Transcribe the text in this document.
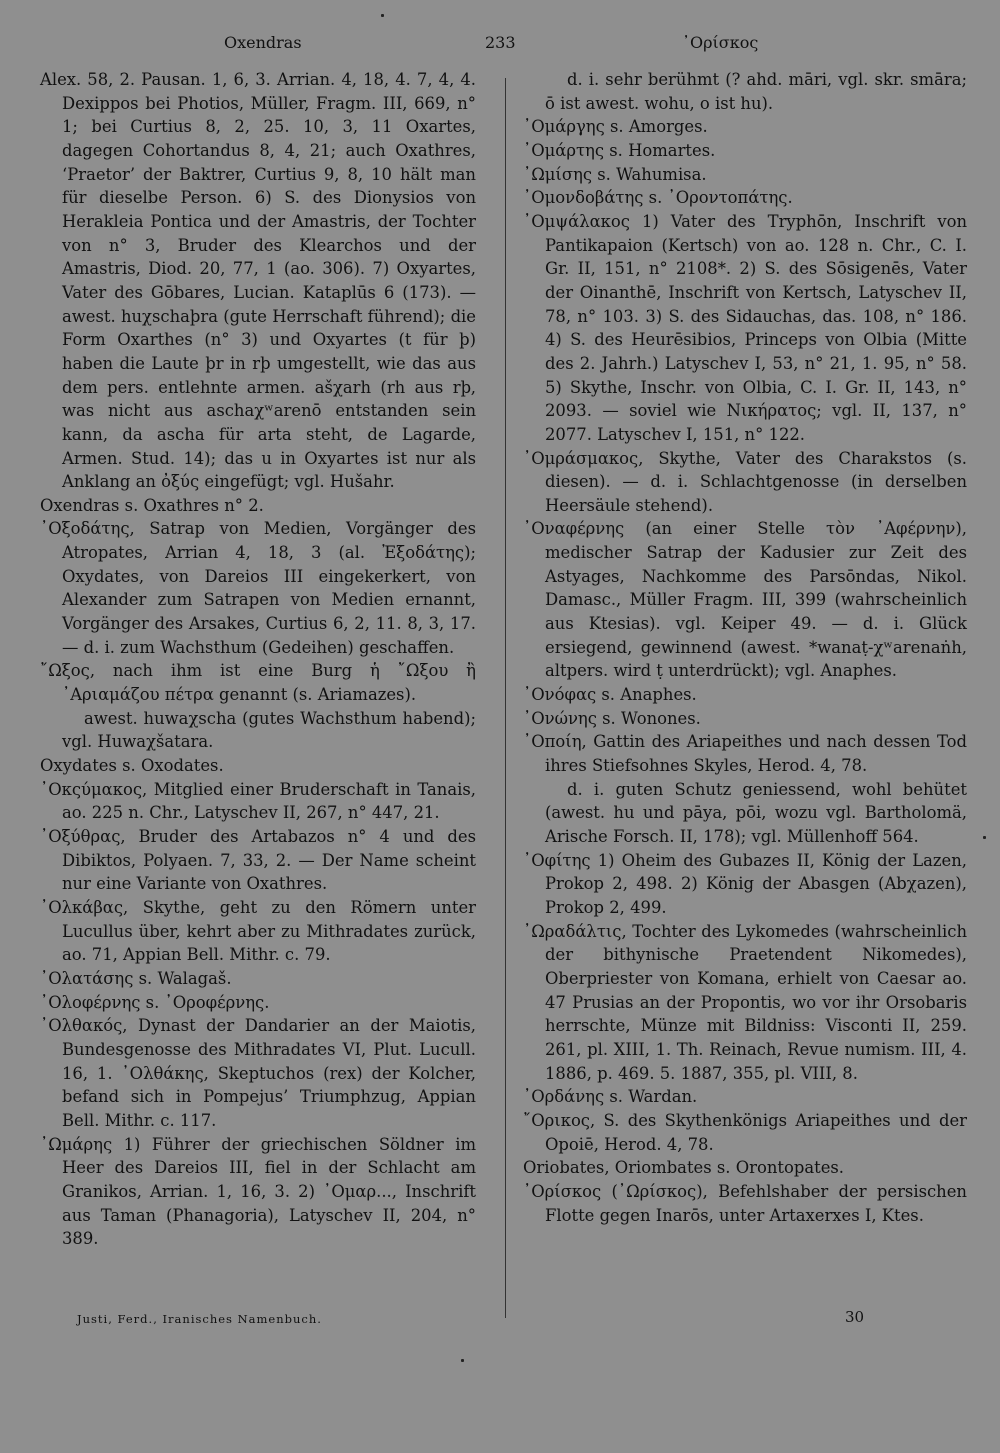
Oxendras	233	᾿Ορίσκος

Alex. 58, 2. Pausan. 1, 6, 3. Arrian. 4, 18, 4. 7, 4, 4. Dexippos bei Photios, Müller, Fragm. III, 669, n° 1; bei Curtius 8, 2, 25. 10, 3, 11 Oxartes, dagegen Cohortandus 8, 4, 21; auch Oxathres, ‘Praetor’ der Baktrer, Curtius 9, 8, 10 hält man für dieselbe Person. 6) S. des Dionysios von Herakleia Pontica und der Amastris, der Tochter von n° 3, Bruder des Klearchos und der Amastris, Diod. 20, 77, 1 (ao. 306). 7) Oxyartes, Vater des Gōbares, Lucian. Kataplūs 6 (173). — awest. huχschaþra (gute Herrschaft führend); die Form Oxarthes (n° 3) und Oxyartes (t für þ) haben die Laute þr in rþ umgestellt, wie das aus dem pers. entlehnte armen. ašχarh (rh aus rþ, was nicht aus aschaχʷarenō entstanden sein kann, da ascha für arta steht, de Lagarde, Armen. Stud. 14); das u in Oxyartes ist nur als Anklang an ὀξύς eingefügt; vgl. Hušahr.

Oxendras s. Oxathres n° 2.

᾿Οξοδάτης, Satrap von Medien, Vorgänger des Atropates, Arrian 4, 18, 3 (al. Ἐξοδάτης); Oxydates, von Dareios III eingekerkert, von Alexander zum Satrapen von Medien ernannt, Vorgänger des Arsakes, Curtius 6, 2, 11. 8, 3, 17. — d. i. zum Wachsthum (Gedeihen) geschaffen.

῎Ωξος, nach ihm ist eine Burg ἡ ῎Ωξου ἢ ᾿Αριαμάζου πέτρα genannt (s. Ariamazes).

awest. huwaχscha (gutes Wachsthum habend); vgl. Huwaχšatara.

Oxydates s. Oxodates.

᾿Οκςύμακος, Mitglied einer Bruderschaft in Tanais, ao. 225 n. Chr., Latyschev II, 267, n° 447, 21.

᾿Οξύθρας, Bruder des Artabazos n° 4 und des Dibiktos, Polyaen. 7, 33, 2. — Der Name scheint nur eine Variante von Oxathres.

᾿Ολκάβας, Skythe, geht zu den Römern unter Lucullus über, kehrt aber zu Mithradates zurück, ao. 71, Appian Bell. Mithr. c. 79.

᾿Ολατάσης s. Walagaš.

᾿Ολοφέρνης s. ᾿Οροφέρνης.

᾿Ολθακός, Dynast der Dandarier an der Maiotis, Bundesgenosse des Mithradates VI, Plut. Lucull. 16, 1. ᾿Ολθάκης, Skeptuchos (rex) der Kolcher, befand sich in Pompejus’ Triumphzug, Appian Bell. Mithr. c. 117.

᾿Ωμάρης 1) Führer der griechischen Söldner im Heer des Dareios III, fiel in der Schlacht am Granikos, Arrian. 1, 16, 3. 2) ᾿Ομαρ..., Inschrift aus Taman (Phanagoria), Latyschev II, 204, n° 389.

d. i. sehr berühmt (? ahd. māri, vgl. skr. smāra; ō ist awest. wohu, o ist hu).

᾿Ομάργης s. Amorges.

᾿Ομάρτης s. Homartes.

᾿Ωμίσης s. Wahumisa.

᾿Ομονδοβάτης s. ᾿Οροντοπάτης.

᾿Ομψάλακος 1) Vater des Tryphōn, Inschrift von Pantikapaion (Kertsch) von ao. 128 n. Chr., C. I. Gr. II, 151, n° 2108*. 2) S. des Sōsigenēs, Vater der Oinanthē, Inschrift von Kertsch, Latyschev II, 78, n° 103. 3) S. des Sidauchas, das. 108, n° 186. 4) S. des Heurēsibios, Princeps von Olbia (Mitte des 2. Jahrh.) Latyschev I, 53, n° 21, 1. 95, n° 58. 5) Skythe, Inschr. von Olbia, C. I. Gr. II, 143, n° 2093. — soviel wie Νικήρατος; vgl. II, 137, n° 2077. Latyschev I, 151, n° 122.

᾿Ομράσμακος, Skythe, Vater des Charakstos (s. diesen). — d. i. Schlachtgenosse (in derselben Heersäule stehend).

᾿Οναφέρνης (an einer Stelle τὸν ᾿Αφέρνην), medischer Satrap der Kadusier zur Zeit des Astyages, Nachkomme des Parsōndas, Nikol. Damasc., Müller Fragm. III, 399 (wahrscheinlich aus Ktesias). vgl. Keiper 49. — d. i. Glück ersiegend, gewinnend (awest. *wanaṭ-χʷarenaṅh, altpers. wird ṭ unterdrückt); vgl. Anaphes.

᾿Ονόφας s. Anaphes.

᾿Ονώνης s. Wonones.

᾿Οποίη, Gattin des Ariapeithes und nach dessen Tod ihres Stiefsohnes Skyles, Herod. 4, 78.

d. i. guten Schutz geniessend, wohl behütet (awest. hu und pāya, pōi, wozu vgl. Bartholomä, Arische Forsch. II, 178); vgl. Müllenhoff 564.

᾿Οφίτης 1) Oheim des Gubazes II, König der Lazen, Prokop 2, 498. 2) König der Abasgen (Abχazen), Prokop 2, 499.

᾿Ωραδάλτις, Tochter des Lykomedes (wahrscheinlich der bithynische Praetendent Nikomedes), Oberpriester von Komana, erhielt von Caesar ao. 47 Prusias an der Propontis, wo vor ihr Orsobaris herrschte, Münze mit Bildniss: Visconti II, 259. 261, pl. XIII, 1. Th. Reinach, Revue numism. III, 4. 1886, p. 469. 5. 1887, 355, pl. VIII, 8.

᾿Ορδάνης s. Wardan.

῎Ορικος, S. des Skythenkönigs Ariapeithes und der Opoiē, Herod. 4, 78.

Oriobates, Oriombates s. Orontopates.

᾿Ορίσκος (᾿Ωρίσκος), Befehlshaber der persischen Flotte gegen Inarōs, unter Artaxerxes I, Ktes.

Justi, Ferd., Iranisches Namenbuch.	30
